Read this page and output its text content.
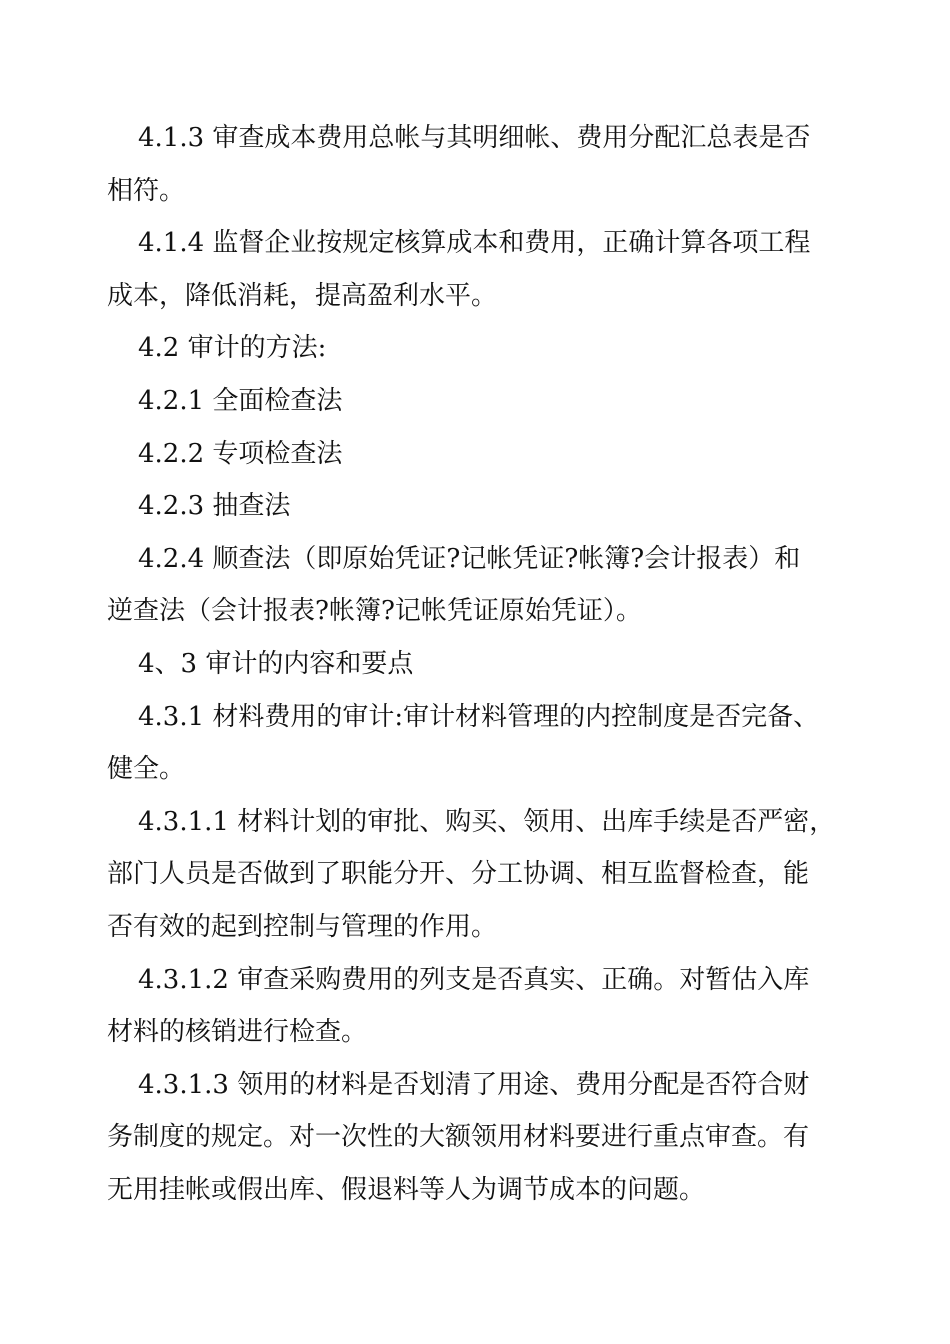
4.1.3 审查成本费用总帐与其明细帐、费用分配汇总表是否
相符。

4.1.4 监督企业按规定核算成本和费用，正确计算各项工程
成本，降低消耗，提高盈利水平。

4.2 审计的方法:

4.2.1 全面检查法

4.2.2 专项检查法

4.2.3 抽查法

4.2.4 顺查法（即原始凭证?记帐凭证?帐簿?会计报表）和
逆查法（会计报表?帐簿?记帐凭证原始凭证）。

4、3 审计的内容和要点

4.3.1 材料费用的审计:审计材料管理的内控制度是否完备、
健全。

4.3.1.1 材料计划的审批、购买、领用、出库手续是否严密，
部门人员是否做到了职能分开、分工协调、相互监督检查，能
否有效的起到控制与管理的作用。

4.3.1.2 审查采购费用的列支是否真实、正确。对暂估入库
材料的核销进行检查。

4.3.1.3 领用的材料是否划清了用途、费用分配是否符合财
务制度的规定。对一次性的大额领用材料要进行重点审查。有
无用挂帐或假出库、假退料等人为调节成本的问题。
